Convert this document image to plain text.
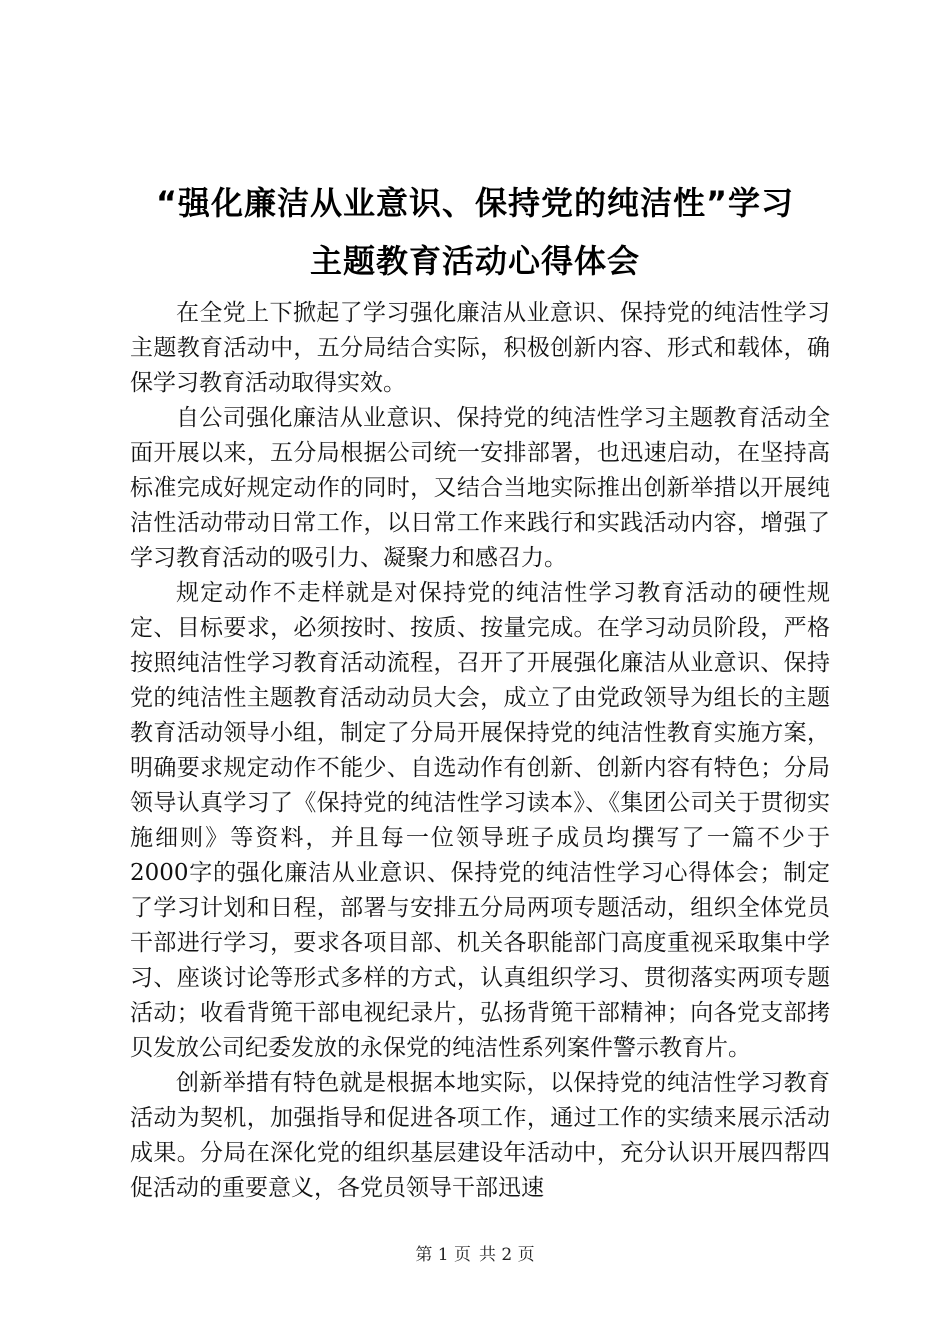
“强化廉洁从业意识、保持党的纯洁性”学习
主题教育活动心得体会

在全党上下掀起了学习强化廉洁从业意识、保持党的纯洁性学习主题教育活动中，五分局结合实际，积极创新内容、形式和载体，确保学习教育活动取得实效。

自公司强化廉洁从业意识、保持党的纯洁性学习主题教育活动全面开展以来，五分局根据公司统一安排部署，也迅速启动，在坚持高标准完成好规定动作的同时，又结合当地实际推出创新举措以开展纯洁性活动带动日常工作，以日常工作来践行和实践活动内容，增强了学习教育活动的吸引力、凝聚力和感召力。

规定动作不走样就是对保持党的纯洁性学习教育活动的硬性规定、目标要求，必须按时、按质、按量完成。在学习动员阶段，严格按照纯洁性学习教育活动流程，召开了开展强化廉洁从业意识、保持党的纯洁性主题教育活动动员大会，成立了由党政领导为组长的主题教育活动领导小组，制定了分局开展保持党的纯洁性教育实施方案，明确要求规定动作不能少、自选动作有创新、创新内容有特色；分局领导认真学习了《保持党的纯洁性学习读本》、《集团公司关于贯彻实施细则》等资料，并且每一位领导班子成员均撰写了一篇不少于2000字的强化廉洁从业意识、保持党的纯洁性学习心得体会；制定了学习计划和日程，部署与安排五分局两项专题活动，组织全体党员干部进行学习，要求各项目部、机关各职能部门高度重视采取集中学习、座谈讨论等形式多样的方式，认真组织学习、贯彻落实两项专题活动；收看背篼干部电视纪录片，弘扬背篼干部精神；向各党支部拷贝发放公司纪委发放的永保党的纯洁性系列案件警示教育片。

创新举措有特色就是根据本地实际，以保持党的纯洁性学习教育活动为契机，加强指导和促进各项工作，通过工作的实绩来展示活动成果。分局在深化党的组织基层建设年活动中，充分认识开展四帮四促活动的重要意义，各党员领导干部迅速

第 1 页 共 2 页
